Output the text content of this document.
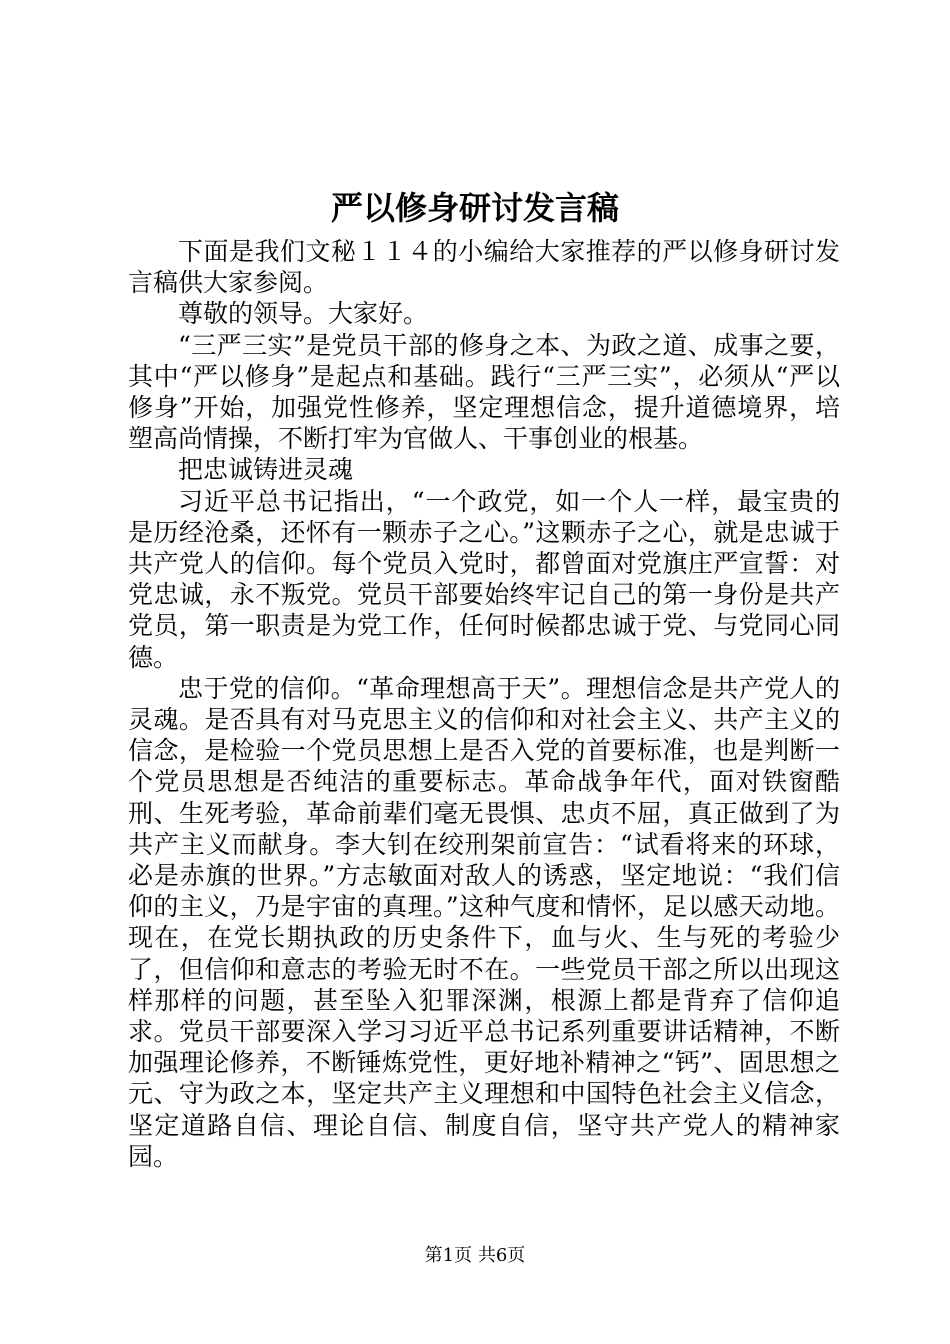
严以修身研讨发言稿

下面是我们文秘１１４的小编给大家推荐的严以修身研讨发言稿供大家参阅。

尊敬的领导。大家好。

“三严三实”是党员干部的修身之本、为政之道、成事之要，其中“严以修身”是起点和基础。践行“三严三实”，必须从“严以修身”开始，加强党性修养，坚定理想信念，提升道德境界，培塑高尚情操，不断打牢为官做人、干事创业的根基。

把忠诚铸进灵魂

习近平总书记指出，“一个政党，如一个人一样，最宝贵的是历经沧桑，还怀有一颗赤子之心。”这颗赤子之心，就是忠诚于共产党人的信仰。每个党员入党时，都曾面对党旗庄严宣誓：对党忠诚，永不叛党。党员干部要始终牢记自己的第一身份是共产党员，第一职责是为党工作，任何时候都忠诚于党、与党同心同德。

忠于党的信仰。“革命理想高于天”。理想信念是共产党人的灵魂。是否具有对马克思主义的信仰和对社会主义、共产主义的信念，是检验一个党员思想上是否入党的首要标准，也是判断一个党员思想是否纯洁的重要标志。革命战争年代，面对铁窗酷刑、生死考验，革命前辈们毫无畏惧、忠贞不屈，真正做到了为共产主义而献身。李大钊在绞刑架前宣告：“试看将来的环球，必是赤旗的世界。”方志敏面对敌人的诱惑，坚定地说：“我们信仰的主义，乃是宇宙的真理。”这种气度和情怀，足以感天动地。现在，在党长期执政的历史条件下，血与火、生与死的考验少了，但信仰和意志的考验无时不在。一些党员干部之所以出现这样那样的问题，甚至坠入犯罪深渊，根源上都是背弃了信仰追求。党员干部要深入学习习近平总书记系列重要讲话精神，不断加强理论修养，不断锤炼党性，更好地补精神之“钙”、固思想之元、守为政之本，坚定共产主义理想和中国特色社会主义信念，坚定道路自信、理论自信、制度自信，坚守共产党人的精神家园。

第1页 共6页
